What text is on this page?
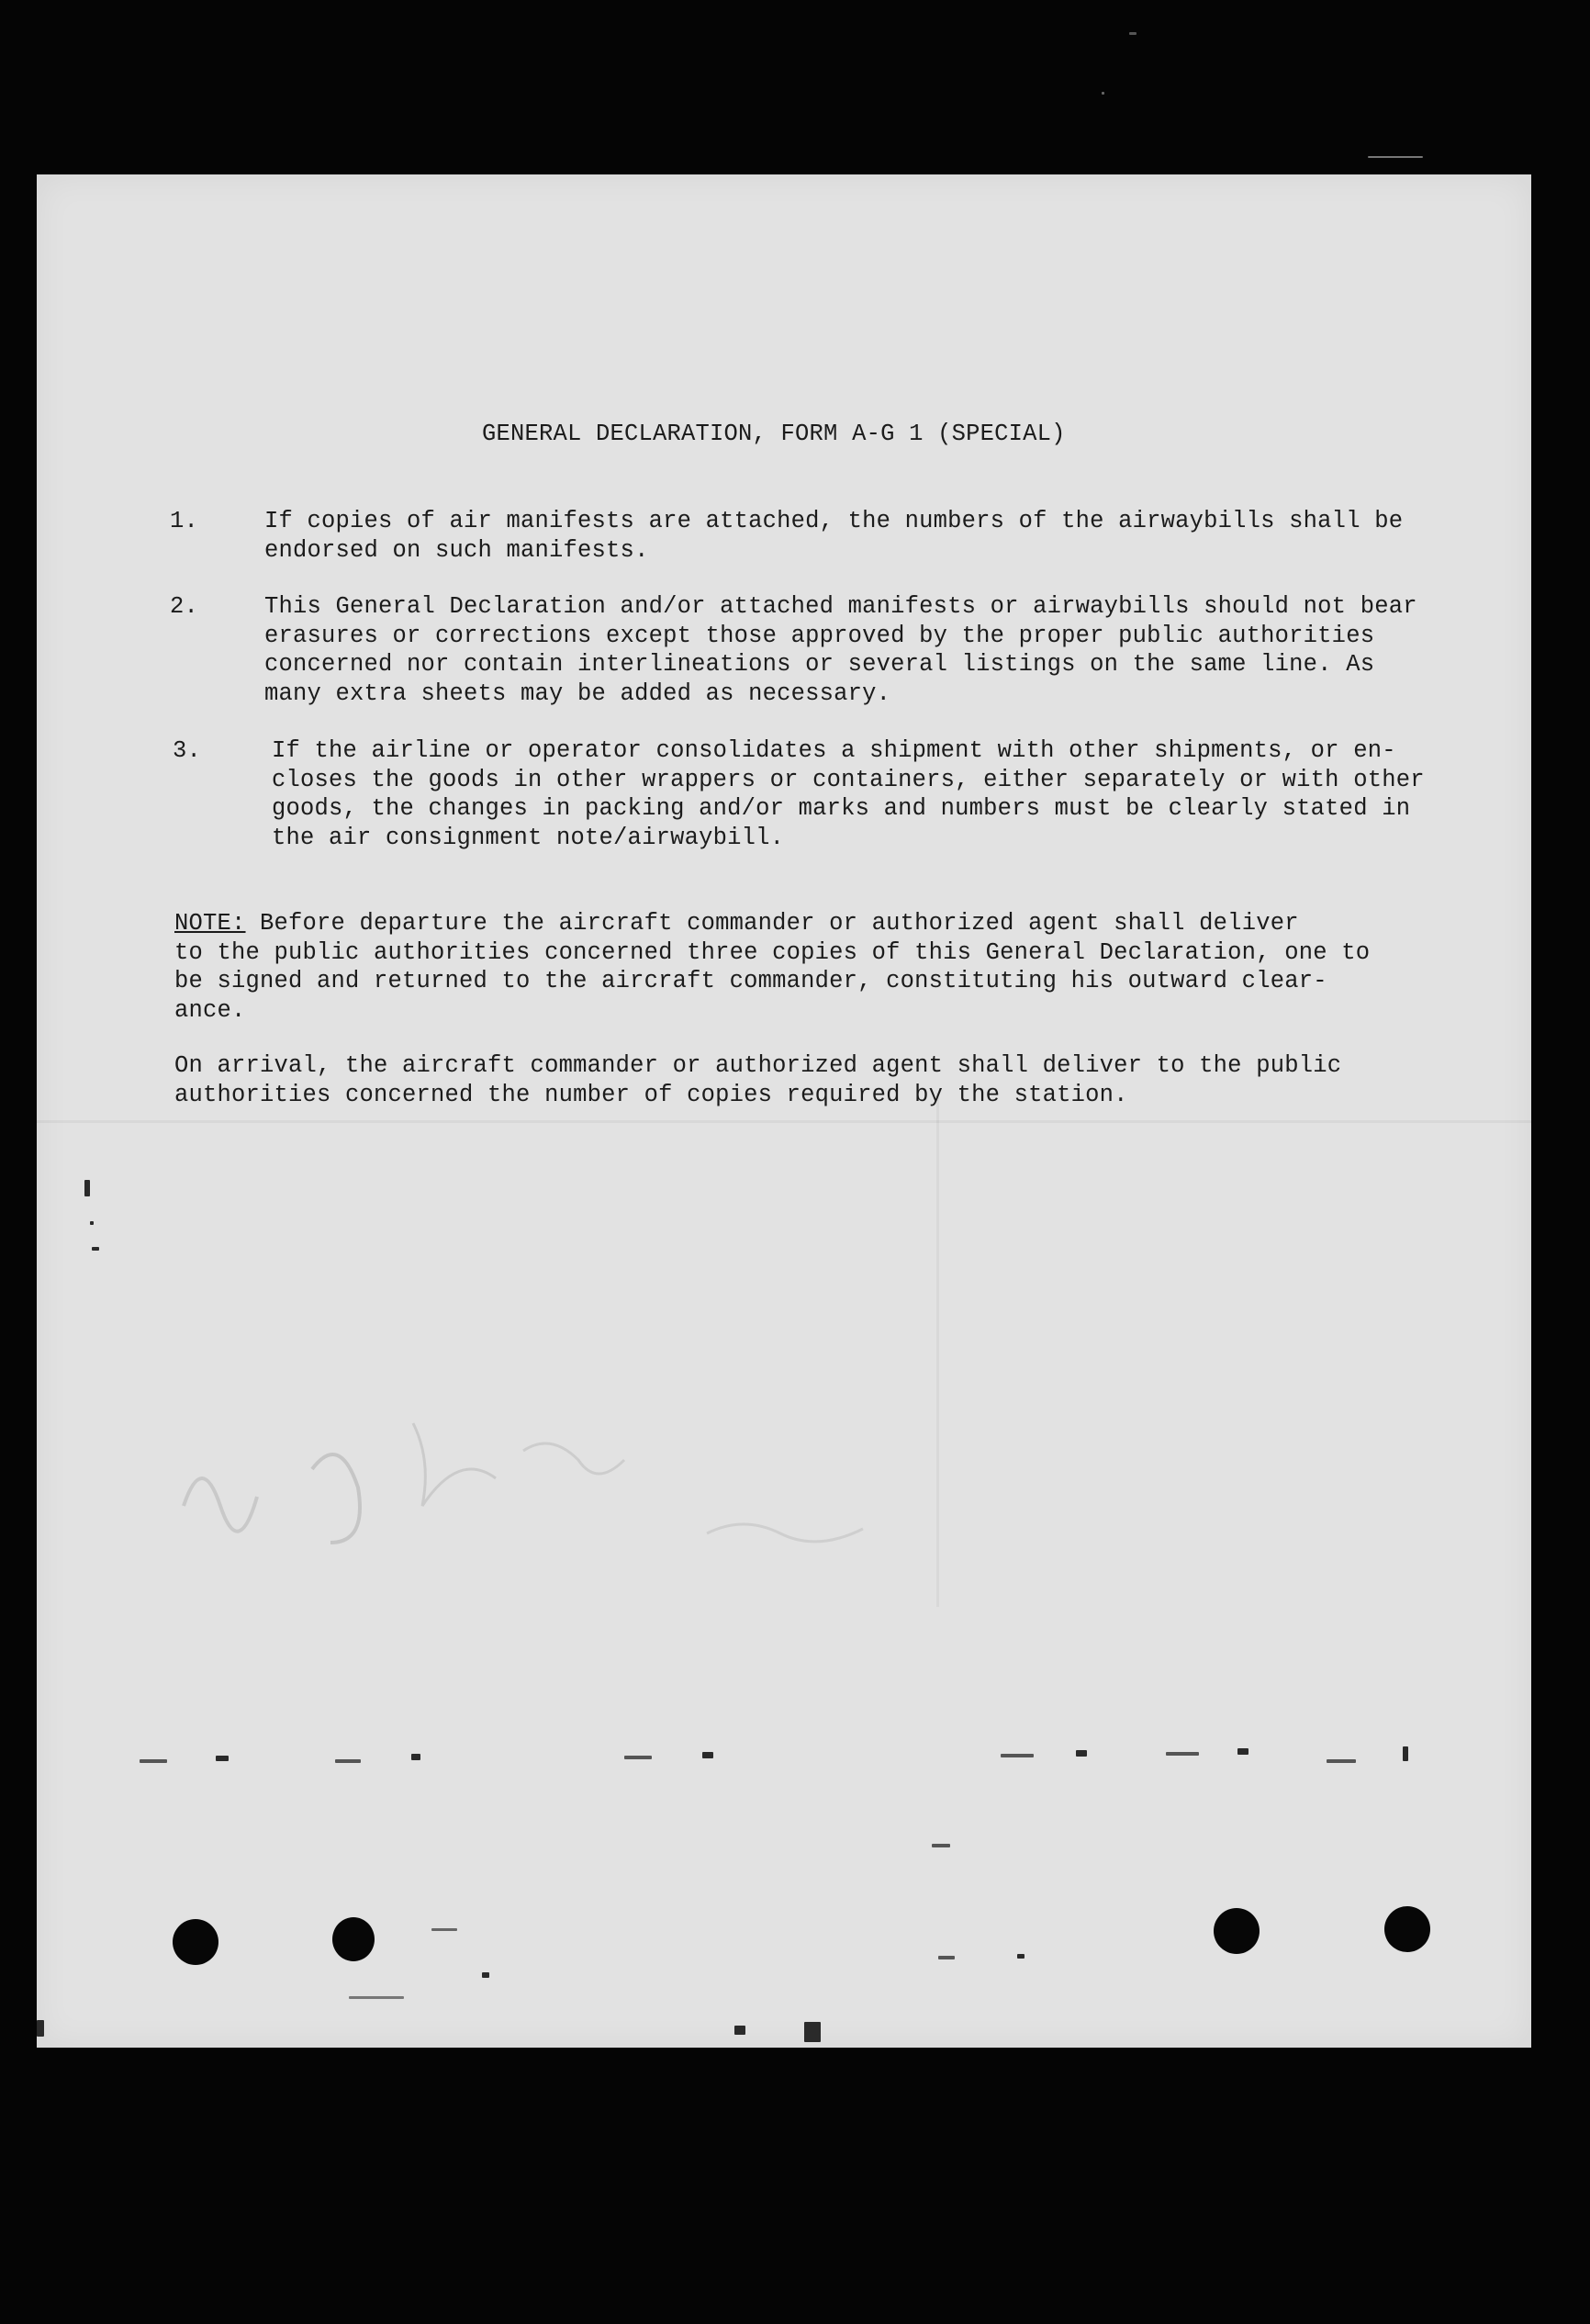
GENERAL DECLARATION, FORM A-G 1 (SPECIAL)
1.	If copies of air manifests are attached, the numbers of the airwaybills shall be
endorsed on such manifests.
2.	This General Declaration and/or attached manifests or airwaybills should not bear
erasures or corrections except those approved by the proper public authorities
concerned nor contain interlineations or several listings on the same line. As
many extra sheets may be added as necessary.
3.	If the airline or operator consolidates a shipment with other shipments, or en-
closes the goods in other wrappers or containers, either separately or with other
goods, the changes in packing and/or marks and numbers must be clearly stated in
the air consignment note/airwaybill.
NOTE: Before departure the aircraft commander or authorized agent shall deliver
to the public authorities concerned three copies of this General Declaration, one to
be signed and returned to the aircraft commander, constituting his outward clear-
ance.
On arrival, the aircraft commander or authorized agent shall deliver to the public
authorities concerned the number of copies required by the station.
